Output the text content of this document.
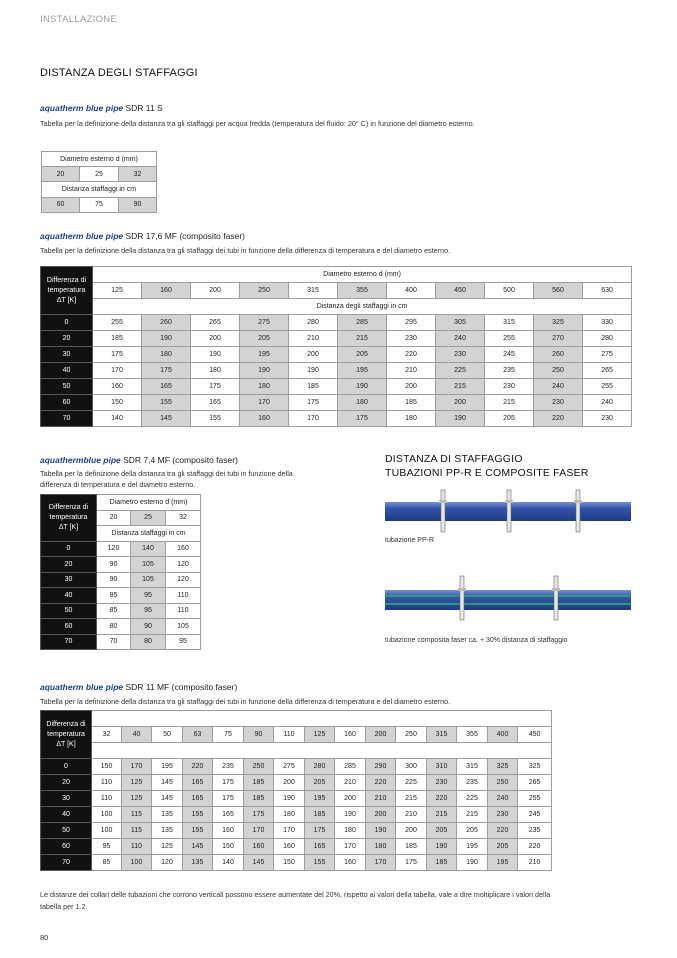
INSTALLAZIONE
DISTANZA DEGLI STAFFAGGI
aquatherm blue pipe SDR 11 S
Tabella per la definizione della distanza tra gli staffaggi per acqua fredda (temperatura del fluido: 20° C) in funzione del diametro esterno.
Diametro esterno d (mm)		
20	25	32
Distanza staffaggi in cm		
60	75	90
aquatherm blue pipe SDR 17,6 MF (composito faser)
Tabella per la definizione della distanza tra gli staffaggi dei tubi in funzione della differenza di temperatura e del diametro esterno.
Differenza di
temperatura
ΔT [K]	Diametro esterno d (mm)										
	125	160	200	250	315	355	400	450	500	560	630
	Distanza degli staffaggi in cm										
0	255	260	265	275	280	285	295	305	315	325	330
20	185	190	200	205	210	215	230	240	255	270	280
30	175	180	190	195	200	205	220	230	245	260	275
40	170	175	180	190	190	195	210	225	235	250	265
50	160	165	175	180	185	190	200	215	230	240	255
60	150	155	165	170	175	180	185	200	215	230	240
70	140	145	155	160	170	175	180	190	205	220	230
aquathermblue pipe SDR 7,4 MF (composito faser)
Tabella per la definizione della distanza tra gli staffaggi dei tubi in funzione della
differenza di temperatura e del diametro esterno.
Differenza di
temperatura
ΔT [K]	Diametro esterno d (mm)		
	20	25	32
	Distanza staffaggi in cm		
0	120	140	160
20	90	105	120
30	90	105	120
40	85	95	110
50	85	95	110
60	80	90	105
70	70	80	95
DISTANZA DI STAFFAGGIO
TUBAZIONI PP-R E COMPOSITE FASER
tubazione PP-R
tubazione composita faser ca. + 30% distanza di staffaggio
aquatherm blue pipe SDR 11 MF (composito faser)
Tabella per la definizione della distanza tra gli staffaggi dei tubi in funzione della differenza di temperatura e del diametro esterno.
Differenza di
temperatura
ΔT [K]															
	32	40	50	63	75	90	110	125	160	200	250	315	355	400	450

0	150	170	195	220	235	250	275	280	285	290	300	310	315	325	325
20	110	125	145	165	175	185	200	205	210	220	225	230	235	250	265
30	110	125	145	165	175	185	190	195	200	210	215	220	225	240	255
40	100	115	135	155	165	175	180	185	190	200	210	215	215	230	245
50	100	115	135	155	160	170	170	175	180	190	200	205	205	220	235
60	95	110	125	145	150	160	160	165	170	180	185	190	195	205	220
70	85	100	120	135	140	145	150	155	160	170	175	185	190	195	210
Le distanze dei collari delle tubazioni che corrono verticali possono essere aumentate del 20%, rispetto ai valori della tabella, vale a dire moltiplicare i valori della
tabella per 1.2.
80
